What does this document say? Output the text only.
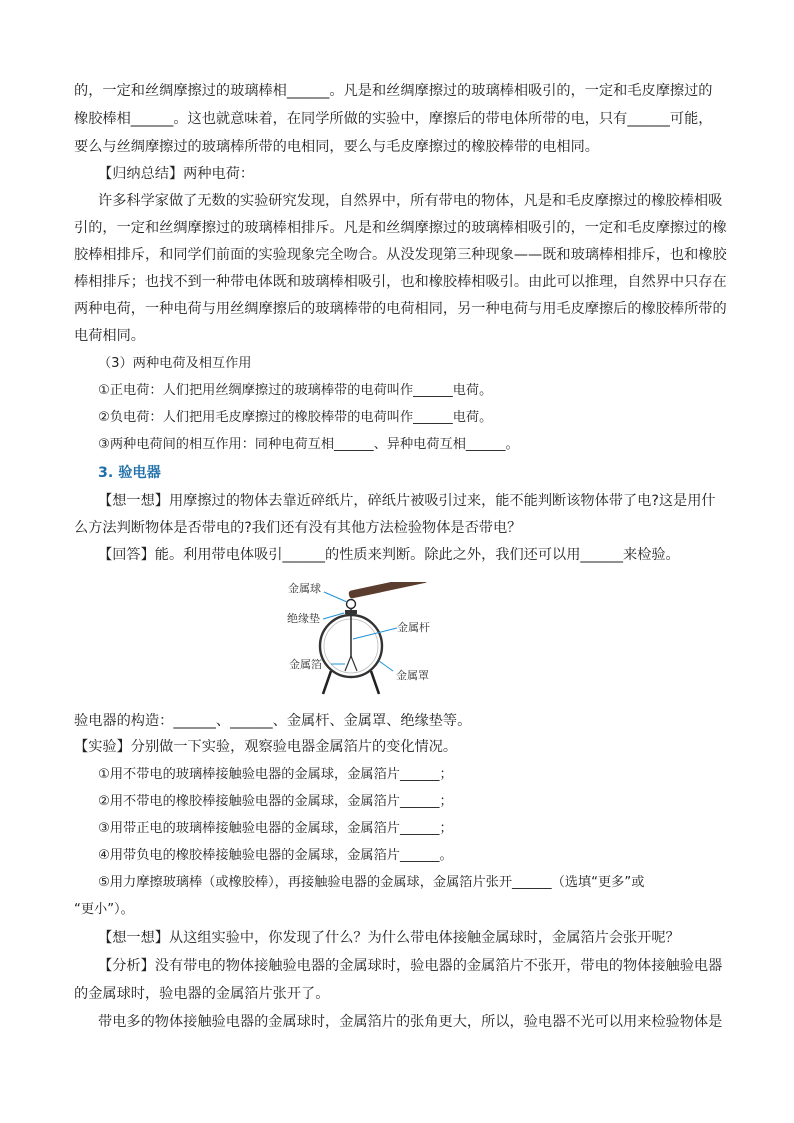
的，一定和丝绸摩擦过的玻璃棒相______。凡是和丝绸摩擦过的玻璃棒相吸引的，一定和毛皮摩擦过的
橡胶棒相______。这也就意味着，在同学所做的实验中，摩擦后的带电体所带的电，只有______可能，
要么与丝绸摩擦过的玻璃棒所带的电相同，要么与毛皮摩擦过的橡胶棒带的电相同。
【归纳总结】两种电荷：
许多科学家做了无数的实验研究发现，自然界中，所有带电的物体，凡是和毛皮摩擦过的橡胶棒相吸
引的，一定和丝绸摩擦过的玻璃棒相排斥。凡是和丝绸摩擦过的玻璃棒相吸引的，一定和毛皮摩擦过的橡
胶棒相排斥，和同学们前面的实验现象完全吻合。从没发现第三种现象——既和玻璃棒相排斥，也和橡胶
棒相排斥；也找不到一种带电体既和玻璃棒相吸引，也和橡胶棒相吸引。由此可以推理，自然界中只存在
两种电荷，一种电荷与用丝绸摩擦后的玻璃棒带的电荷相同，另一种电荷与用毛皮摩擦后的橡胶棒所带的
电荷相同。
（3）两种电荷及相互作用
①正电荷：人们把用丝绸摩擦过的玻璃棒带的电荷叫作______电荷。
②负电荷：人们把用毛皮摩擦过的橡胶棒带的电荷叫作______电荷。
③两种电荷间的相互作用：同种电荷互相______、异种电荷互相______。
3. 验电器
【想一想】用摩擦过的物体去靠近碎纸片，碎纸片被吸引过来，能不能判断该物体带了电?这是用什
么方法判断物体是否带电的?我们还有没有其他方法检验物体是否带电？
【回答】能。利用带电体吸引______的性质来判断。除此之外，我们还可以用______来检验。
金属球
绝缘垫
金属杆
金属箔
金属罩
验电器的构造：______、______、金属杆、金属罩、绝缘垫等。
【实验】分别做一下实验，观察验电器金属箔片的变化情况。
①用不带电的玻璃棒接触验电器的金属球，金属箔片______；
②用不带电的橡胶棒接触验电器的金属球，金属箔片______；
③用带正电的玻璃棒接触验电器的金属球，金属箔片______；
④用带负电的橡胶棒接触验电器的金属球，金属箔片______。
⑤用力摩擦玻璃棒（或橡胶棒），再接触验电器的金属球，金属箔片张开______（选填“更多”或
“更小”）。
【想一想】从这组实验中，你发现了什么？为什么带电体接触金属球时，金属箔片会张开呢？
【分析】没有带电的物体接触验电器的金属球时，验电器的金属箔片不张开，带电的物体接触验电器
的金属球时，验电器的金属箔片张开了。
带电多的物体接触验电器的金属球时，金属箔片的张角更大，所以，验电器不光可以用来检验物体是
